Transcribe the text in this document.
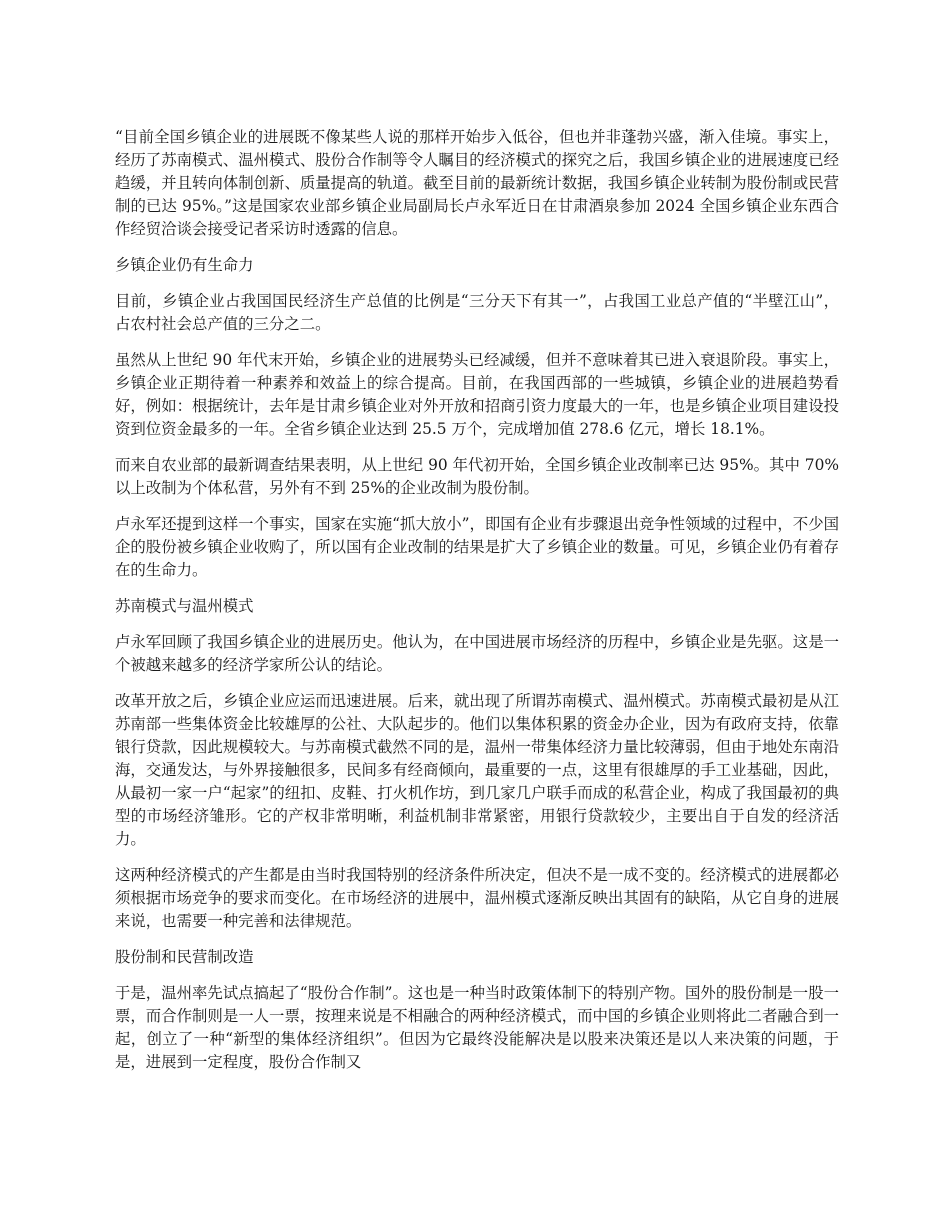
“目前全国乡镇企业的进展既不像某些人说的那样开始步入低谷，但也并非蓬勃兴盛，渐入佳境。事实上，经历了苏南模式、温州模式、股份合作制等令人瞩目的经济模式的探究之后，我国乡镇企业的进展速度已经趋缓，并且转向体制创新、质量提高的轨道。截至目前的最新统计数据，我国乡镇企业转制为股份制或民营制的已达 95%。”这是国家农业部乡镇企业局副局长卢永军近日在甘肃酒泉参加 2024 全国乡镇企业东西合作经贸洽谈会接受记者采访时透露的信息。

乡镇企业仍有生命力

目前，乡镇企业占我国国民经济生产总值的比例是“三分天下有其一”，占我国工业总产值的“半壁江山”，占农村社会总产值的三分之二。

虽然从上世纪 90 年代末开始，乡镇企业的进展势头已经减缓，但并不意味着其已进入衰退阶段。事实上，乡镇企业正期待着一种素养和效益上的综合提高。目前，在我国西部的一些城镇，乡镇企业的进展趋势看好，例如：根据统计，去年是甘肃乡镇企业对外开放和招商引资力度最大的一年，也是乡镇企业项目建设投资到位资金最多的一年。全省乡镇企业达到 25.5 万个，完成增加值 278.6 亿元，增长 18.1%。

而来自农业部的最新调查结果表明，从上世纪 90 年代初开始，全国乡镇企业改制率已达 95%。其中 70%以上改制为个体私营，另外有不到 25%的企业改制为股份制。

卢永军还提到这样一个事实，国家在实施“抓大放小”，即国有企业有步骤退出竞争性领域的过程中，不少国企的股份被乡镇企业收购了，所以国有企业改制的结果是扩大了乡镇企业的数量。可见，乡镇企业仍有着存在的生命力。

苏南模式与温州模式

卢永军回顾了我国乡镇企业的进展历史。他认为，在中国进展市场经济的历程中，乡镇企业是先驱。这是一个被越来越多的经济学家所公认的结论。

改革开放之后，乡镇企业应运而迅速进展。后来，就出现了所谓苏南模式、温州模式。苏南模式最初是从江苏南部一些集体资金比较雄厚的公社、大队起步的。他们以集体积累的资金办企业，因为有政府支持，依靠银行贷款，因此规模较大。与苏南模式截然不同的是，温州一带集体经济力量比较薄弱，但由于地处东南沿海，交通发达，与外界接触很多，民间多有经商倾向，最重要的一点，这里有很雄厚的手工业基础，因此，从最初一家一户“起家”的纽扣、皮鞋、打火机作坊，到几家几户联手而成的私营企业，构成了我国最初的典型的市场经济雏形。它的产权非常明晰，利益机制非常紧密，用银行贷款较少，主要出自于自发的经济活力。

这两种经济模式的产生都是由当时我国特别的经济条件所决定，但决不是一成不变的。经济模式的进展都必须根据市场竞争的要求而变化。在市场经济的进展中，温州模式逐渐反映出其固有的缺陷，从它自身的进展来说，也需要一种完善和法律规范。

股份制和民营制改造

于是，温州率先试点搞起了“股份合作制”。这也是一种当时政策体制下的特别产物。国外的股份制是一股一票，而合作制则是一人一票，按理来说是不相融合的两种经济模式，而中国的乡镇企业则将此二者融合到一起，创立了一种“新型的集体经济组织”。但因为它最终没能解决是以股来决策还是以人来决策的问题，于是，进展到一定程度，股份合作制又
